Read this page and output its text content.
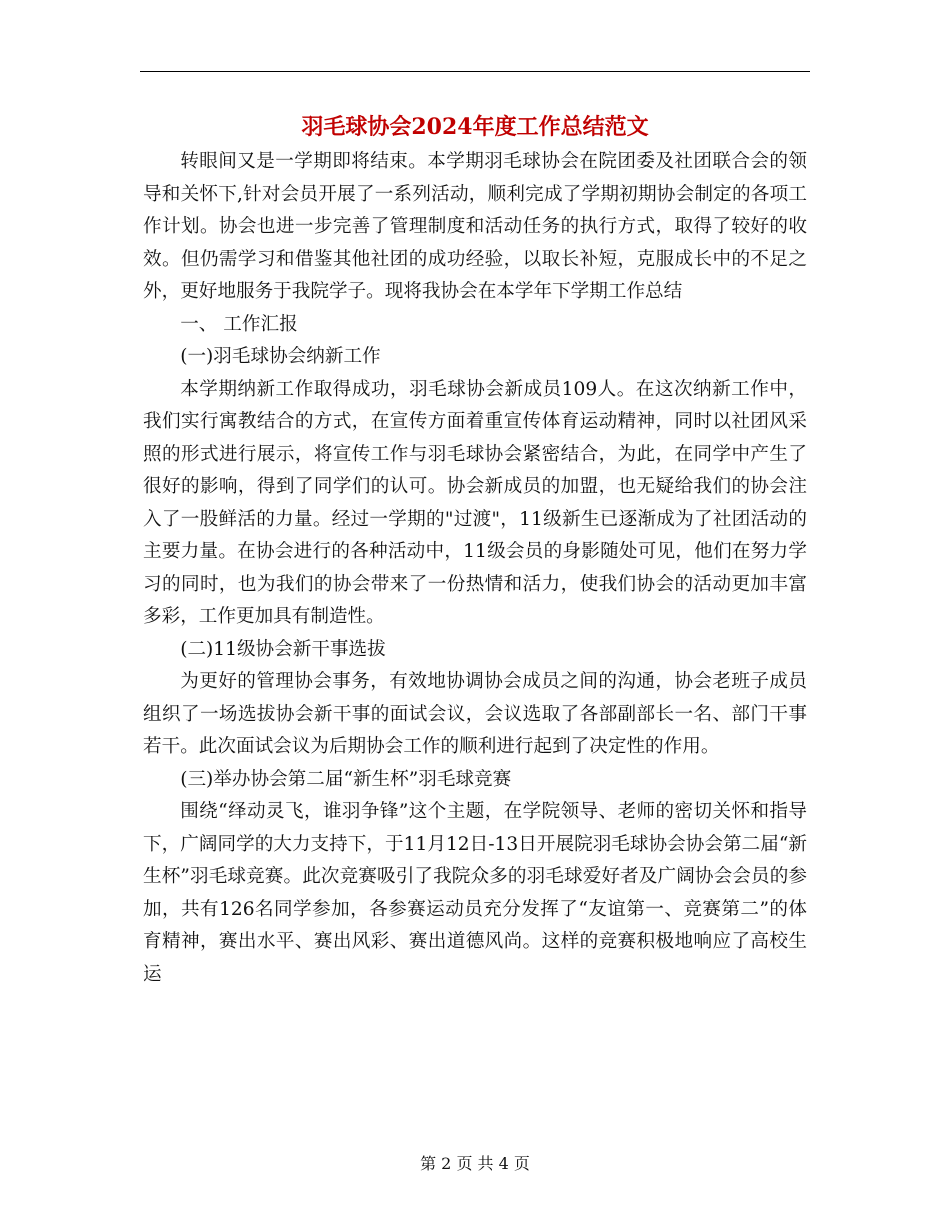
羽毛球协会2024年度工作总结范文

转眼间又是一学期即将结束。本学期羽毛球协会在院团委及社团联合会的领导和关怀下,针对会员开展了一系列活动，顺利完成了学期初期协会制定的各项工作计划。协会也进一步完善了管理制度和活动任务的执行方式，取得了较好的收效。但仍需学习和借鉴其他社团的成功经验，以取长补短，克服成长中的不足之外，更好地服务于我院学子。现将我协会在本学年下学期工作总结

一、 工作汇报

(一)羽毛球协会纳新工作

本学期纳新工作取得成功，羽毛球协会新成员109人。在这次纳新工作中，我们实行寓教结合的方式，在宣传方面着重宣传体育运动精神，同时以社团风采照的形式进行展示，将宣传工作与羽毛球协会紧密结合，为此，在同学中产生了很好的影响，得到了同学们的认可。协会新成员的加盟，也无疑给我们的协会注入了一股鲜活的力量。经过一学期的"过渡"，11级新生已逐渐成为了社团活动的主要力量。在协会进行的各种活动中，11级会员的身影随处可见，他们在努力学习的同时，也为我们的协会带来了一份热情和活力，使我们协会的活动更加丰富多彩，工作更加具有制造性。

(二)11级协会新干事选拔

为更好的管理协会事务，有效地协调协会成员之间的沟通，协会老班子成员组织了一场选拔协会新干事的面试会议，会议选取了各部副部长一名、部门干事若干。此次面试会议为后期协会工作的顺利进行起到了决定性的作用。

(三)举办协会第二届“新生杯”羽毛球竞赛

围绕“绎动灵飞，谁羽争锋”这个主题，在学院领导、老师的密切关怀和指导下，广阔同学的大力支持下，于11月12日-13日开展院羽毛球协会协会第二届“新生杯”羽毛球竞赛。此次竞赛吸引了我院众多的羽毛球爱好者及广阔协会会员的参加，共有126名同学参加，各参赛运动员充分发挥了“友谊第一、竞赛第二”的体育精神，赛出水平、赛出风彩、赛出道德风尚。这样的竞赛积极地响应了高校生运

第 2 页 共 4 页
